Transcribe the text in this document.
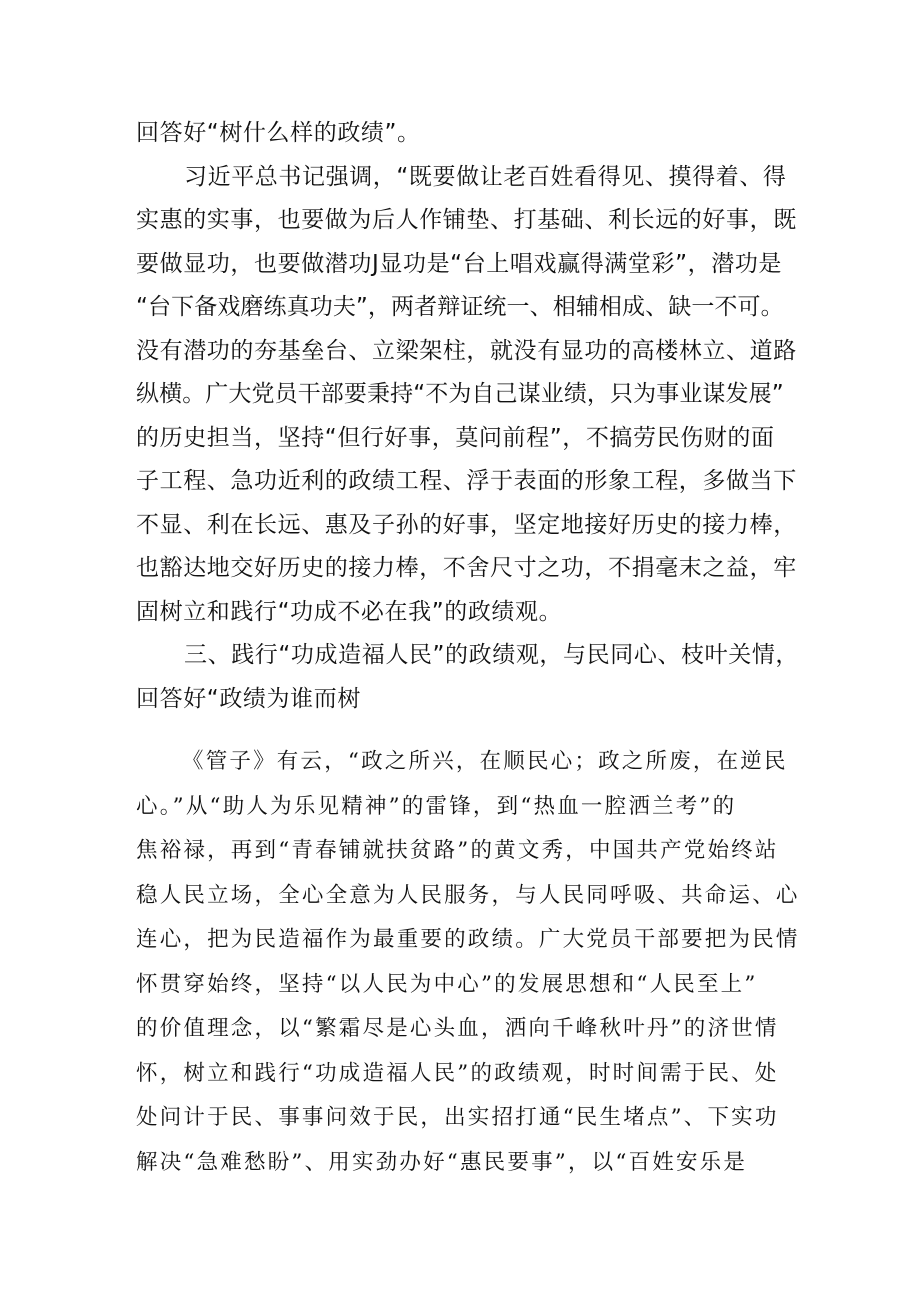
回答好“树什么样的政绩”。
习近平总书记强调，“既要做让老百姓看得见、摸得着、得
实惠的实事，也要做为后人作铺垫、打基础、利长远的好事，既
要做显功，也要做潜功J显功是“台上唱戏赢得满堂彩”，潜功是
“台下备戏磨练真功夫”，两者辩证统一、相辅相成、缺一不可。
没有潜功的夯基垒台、立梁架柱，就没有显功的高楼林立、道路
纵横。广大党员干部要秉持“不为自己谋业绩，只为事业谋发展”
的历史担当，坚持“但行好事，莫问前程”，不搞劳民伤财的面
子工程、急功近利的政绩工程、浮于表面的形象工程，多做当下
不显、利在长远、惠及子孙的好事，坚定地接好历史的接力棒，
也豁达地交好历史的接力棒，不舍尺寸之功，不捐毫末之益，牢
固树立和践行“功成不必在我”的政绩观。
三、践行“功成造福人民”的政绩观，与民同心、枝叶关情，
回答好“政绩为谁而树
《管子》有云，“政之所兴，在顺民心；政之所废，在逆民
心。”从“助人为乐见精神”的雷锋，到“热血一腔洒兰考”的
焦裕禄，再到“青春铺就扶贫路”的黄文秀，中国共产党始终站
稳人民立场，全心全意为人民服务，与人民同呼吸、共命运、心
连心，把为民造福作为最重要的政绩。广大党员干部要把为民情
怀贯穿始终，坚持“以人民为中心”的发展思想和“人民至上”
的价值理念，以“繁霜尽是心头血，洒向千峰秋叶丹”的济世情
怀，树立和践行“功成造福人民”的政绩观，时时间需于民、处
处问计于民、事事问效于民，出实招打通“民生堵点”、下实功
解决“急难愁盼”、用实劲办好“惠民要事”，以“百姓安乐是
